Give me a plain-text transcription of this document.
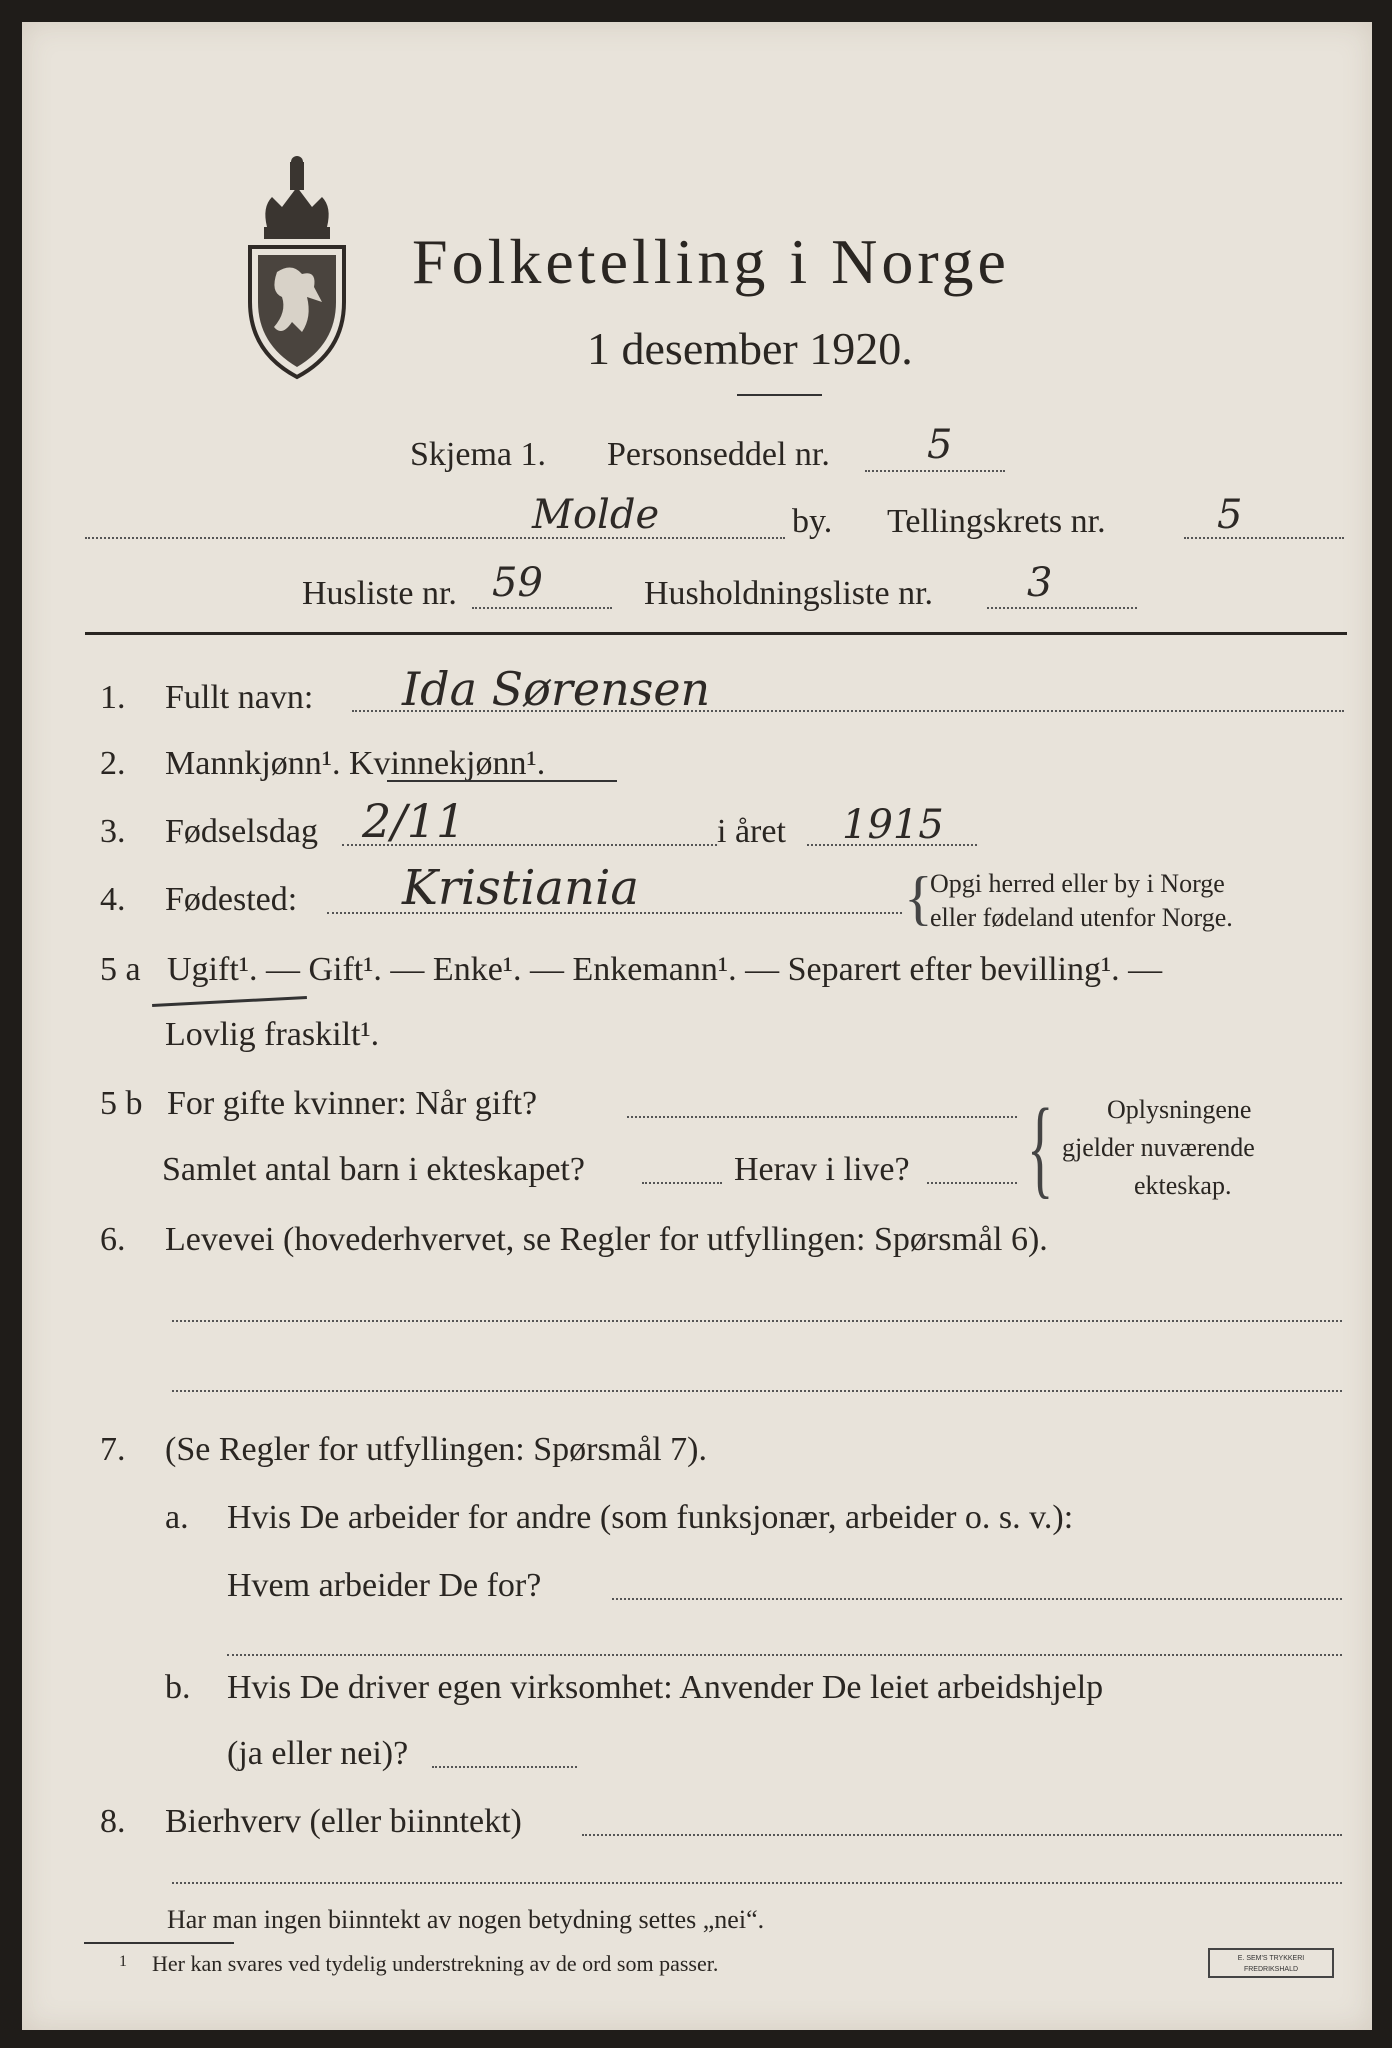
Folketelling i Norge
1 desember 1920.
Skjema 1. Personseddel nr. 5
Molde	by. Tellingskrets nr.	5
Husliste nr. 59	Husholdningsliste nr. 3
1. Fullt navn: Ida Sørensen
2. Mannkjønn¹. Kvinnekjønn¹.
3. Fødselsdag 2/11	i året 1915
4. Fødested: Kristiania	{
Opgi herred eller by i Norge
eller fødeland utenfor Norge.
5 a Ugift¹. — Gift¹. — Enke¹. — Enkemann¹. — Separert efter bevilling¹. —
Lovlig fraskilt¹.
5 b For gifte kvinner: Når gift?
Samlet antal barn i ekteskapet?	Herav i live? { Oplysningene
gjelder nuværende
ekteskap.
6. Levevei (hovederhvervet, se Regler for utfyllingen: Spørsmål 6).
7. (Se Regler for utfyllingen: Spørsmål 7).
a. Hvis De arbeider for andre (som funksjonær, arbeider o. s. v.):
Hvem arbeider De for?
b. Hvis De driver egen virksomhet: Anvender De leiet arbeidshjelp
(ja eller nei)?
8. Bierhverv (eller biinntekt)
Har man ingen biinntekt av nogen betydning settes „nei“.
1 Her kan svares ved tydelig understrekning av de ord som passer.	E. SEM'S TRYKKERI
FREDRIKSHALD
